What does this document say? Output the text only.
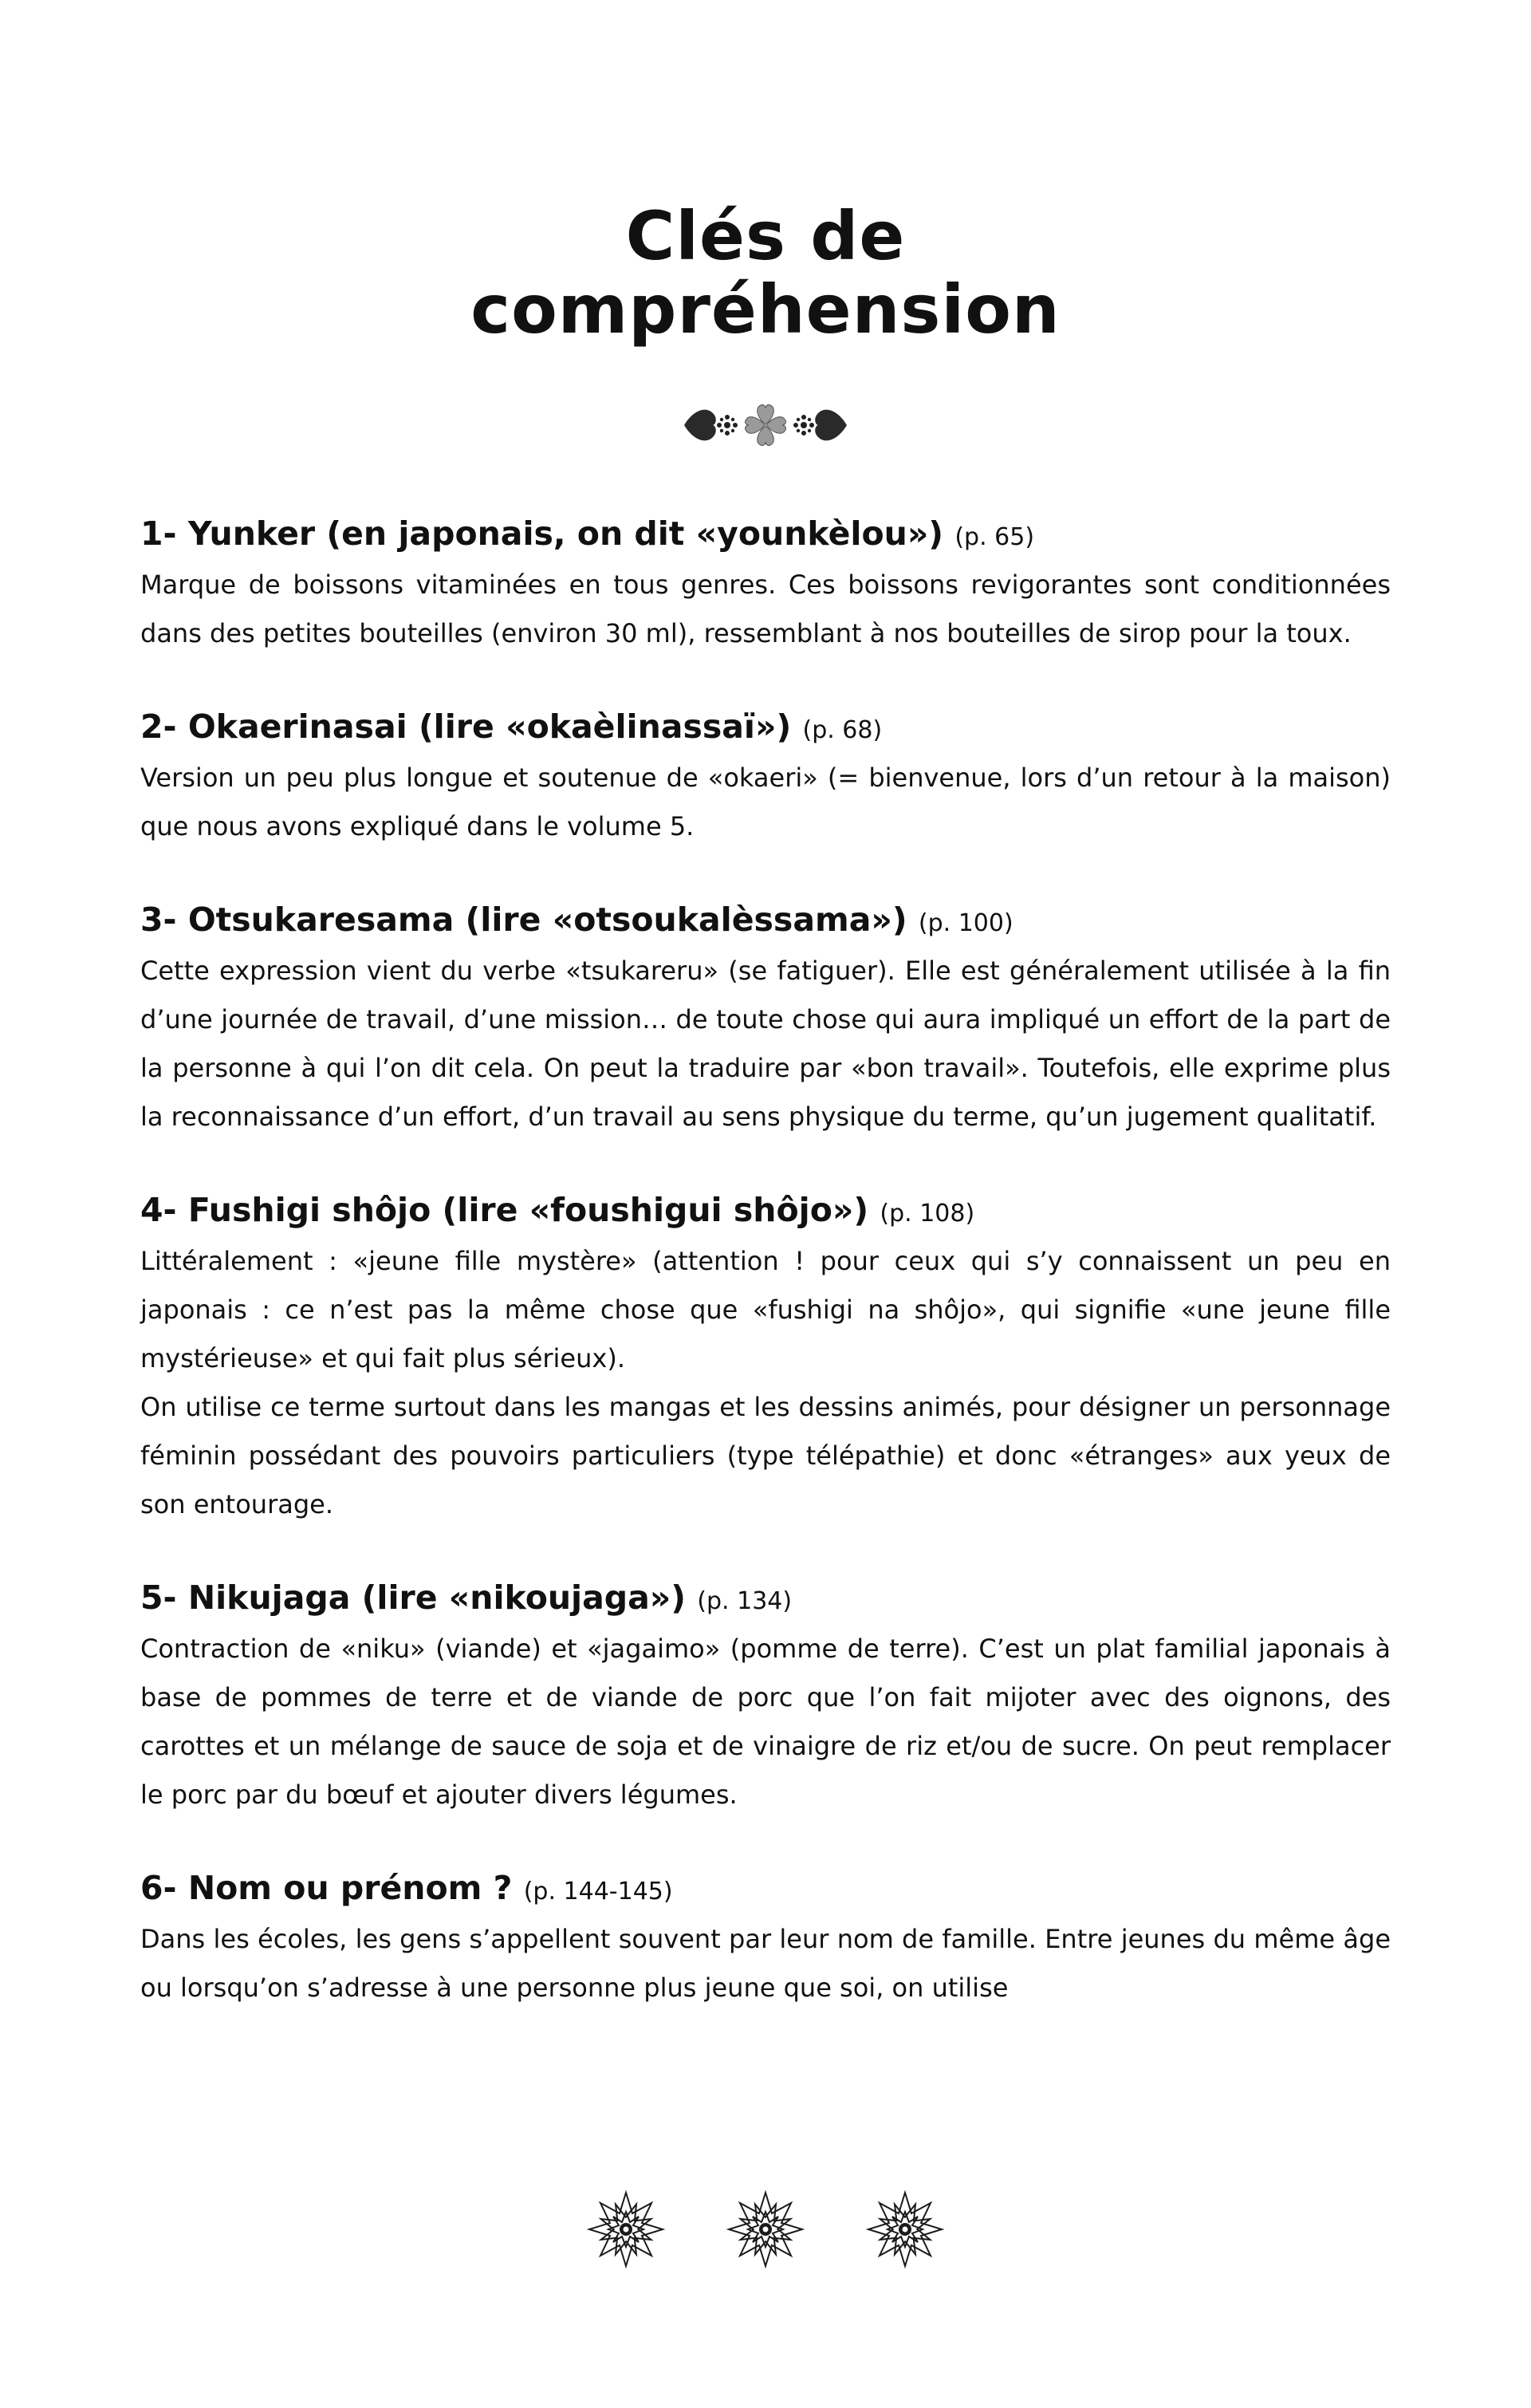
Clés de
compréhension
1- Yunker (en japonais, on dit «younkèlou») (p. 65)

Marque de boissons vitaminées en tous genres. Ces boissons revigorantes sont conditionnées dans des petites bouteilles (environ 30 ml), ressemblant à nos bouteilles de sirop pour la toux.

2- Okaerinasai (lire «okaèlinassaï») (p. 68)

Version un peu plus longue et soutenue de «okaeri» (= bienvenue, lors d’un retour à la maison) que nous avons expliqué dans le volume 5.

3- Otsukaresama (lire «otsoukalèssama») (p. 100)

Cette expression vient du verbe «tsukareru» (se fatiguer). Elle est généralement utilisée à la fin d’une journée de travail, d’une mission… de toute chose qui aura impliqué un effort de la part de la personne à qui l’on dit cela. On peut la traduire par «bon travail». Toutefois, elle exprime plus la reconnaissance d’un effort, d’un travail au sens physique du terme, qu’un jugement qualitatif.

4- Fushigi shôjo (lire «foushigui shôjo») (p. 108)

Littéralement : «jeune fille mystère» (attention ! pour ceux qui s’y connaissent un peu en japonais : ce n’est pas la même chose que «fushigi na shôjo», qui signifie «une jeune fille mystérieuse» et qui fait plus sérieux).

On utilise ce terme surtout dans les mangas et les dessins animés, pour désigner un personnage féminin possédant des pouvoirs particuliers (type télépathie) et donc «étranges» aux yeux de son entourage.

5- Nikujaga (lire «nikoujaga») (p. 134)

Contraction de «niku» (viande) et «jagaimo» (pomme de terre). C’est un plat familial japonais à base de pommes de terre et de viande de porc que l’on fait mijoter avec des oignons, des carottes et un mélange de sauce de soja et de vinaigre de riz et/ou de sucre. On peut remplacer le porc par du bœuf et ajouter divers légumes.

6- Nom ou prénom ? (p. 144-145)

Dans les écoles, les gens s’appellent souvent par leur nom de famille. Entre jeunes du même âge ou lorsqu’on s’adresse à une personne plus jeune que soi, on utilise
